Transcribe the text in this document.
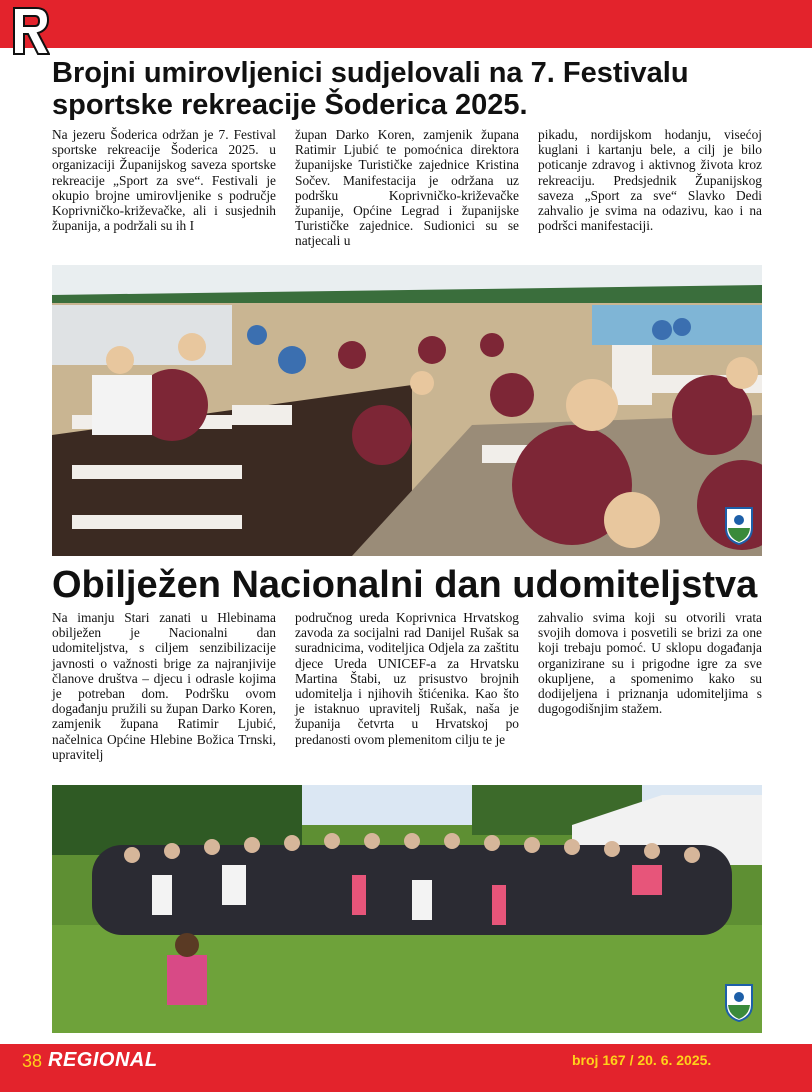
Brojni umirovljenici sudjelovali na 7. Festivalu sportske rekreacije Šoderica 2025.

Na jezeru Šoderica održan je 7. Festival sportske rekreacije Šoderica 2025. u organizaciji Županijskog saveza sportske rekreacije „Sport za sve“. Festivali je okupio brojne umirovljenike s područje Koprivničko-križevačke, ali i susjednih županija, a podržali su ih I

župan Darko Koren, zamjenik župana Ratimir Ljubić te pomoćnica direktora županijske Turističke zajednice Kristina Sočev. Manifestacija je održana uz podršku Koprivničko-križevačke županije, Općine Legrad i županijske Turističke zajednice. Sudionici su se natjecali u

pikadu, nordijskom hodanju, visećoj kuglani i kartanju bele, a cilj je bilo poticanje zdravog i aktivnog života kroz rekreaciju. Predsjednik Županijskog saveza „Sport za sve“ Slavko Dedi zahvalio je svima na odazivu, kao i na podršci manifestaciji.

Obilježen Nacionalni dan udomiteljstva

Na imanju Stari zanati u Hlebinama obilježen je Nacionalni dan udomiteljstva, s ciljem senzibilizacije javnosti o važnosti brige za najranjivije članove društva – djecu i odrasle kojima je potreban dom. Podršku ovom događanju pružili su župan Darko Koren, zamjenik župana Ratimir Ljubić, načelnica Općine Hlebine Božica Trnski, upravitelj

područnog ureda Koprivnica Hrvatskog zavoda za socijalni rad Danijel Rušak sa suradnicima, voditeljica Odjela za zaštitu djece Ureda UNICEF-a za Hrvatsku Martina Štabi, uz prisustvo brojnih udomitelja i njihovih štićenika. Kao što je istaknuo upravitelj Rušak, naša je županija četvrta u Hrvatskoj po predanosti ovom plemenitom cilju te je

zahvalio svima koji su otvorili vrata svojih domova i posvetili se brizi za one koji trebaju pomoć. U sklopu događanja organizirane su i prigodne igre za sve okupljene, a spomenimo kako su dodijeljena i priznanja udomiteljima s dugogodišnjim stažem.

38 REGIONAL	broj 167 / 20. 6. 2025.
